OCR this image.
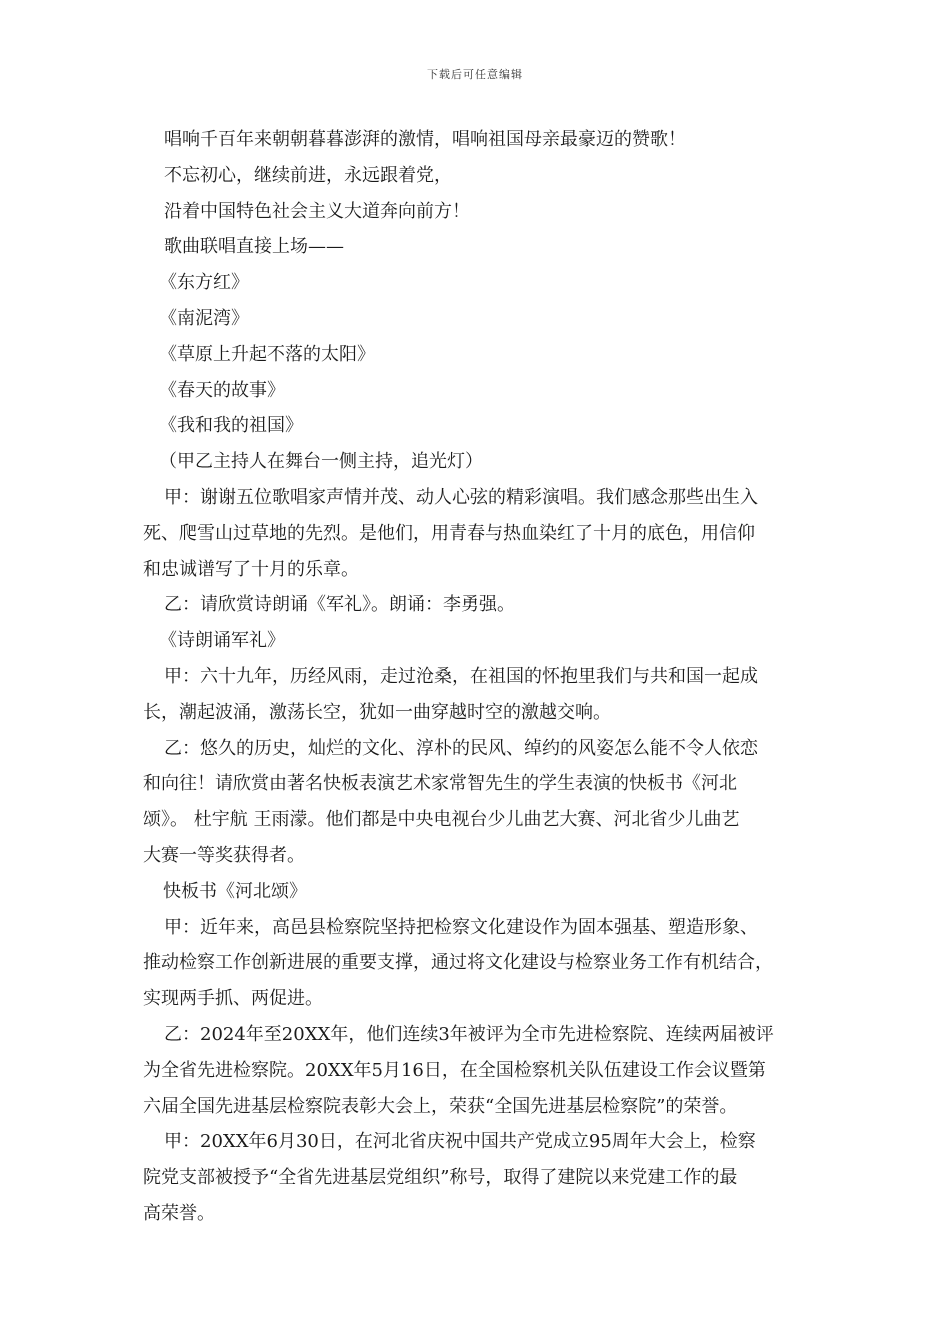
下载后可任意编辑
唱响千百年来朝朝暮暮澎湃的激情，唱响祖国母亲最豪迈的赞歌！
不忘初心，继续前进，永远跟着党，
沿着中国特色社会主义大道奔向前方！
歌曲联唱直接上场——
《东方红》
《南泥湾》
《草原上升起不落的太阳》
《春天的故事》
《我和我的祖国》
（甲乙主持人在舞台一侧主持，追光灯）
甲：谢谢五位歌唱家声情并茂、动人心弦的精彩演唱。我们感念那些出生入
死、爬雪山过草地的先烈。是他们，用青春与热血染红了十月的底色，用信仰
和忠诚谱写了十月的乐章。
乙：请欣赏诗朗诵《军礼》。朗诵：李勇强。
《诗朗诵军礼》
甲：六十九年，历经风雨，走过沧桑，在祖国的怀抱里我们与共和国一起成
长，潮起波涌，激荡长空，犹如一曲穿越时空的激越交响。
乙：悠久的历史，灿烂的文化、淳朴的民风、绰约的风姿怎么能不令人依恋
和向往！请欣赏由著名快板表演艺术家常智先生的学生表演的快板书《河北
颂》。 杜宇航 王雨濛。他们都是中央电视台少儿曲艺大赛、河北省少儿曲艺
大赛一等奖获得者。
快板书《河北颂》
甲：近年来，高邑县检察院坚持把检察文化建设作为固本强基、塑造形象、
推动检察工作创新进展的重要支撑，通过将文化建设与检察业务工作有机结合，
实现两手抓、两促进。
乙：2024年至20XX年，他们连续3年被评为全市先进检察院、连续两届被评
为全省先进检察院。20XX年5月16日，在全国检察机关队伍建设工作会议暨第
六届全国先进基层检察院表彰大会上，荣获“全国先进基层检察院”的荣誉。
甲：20XX年6月30日，在河北省庆祝中国共产党成立95周年大会上，检察
院党支部被授予“全省先进基层党组织”称号，取得了建院以来党建工作的最
高荣誉。
